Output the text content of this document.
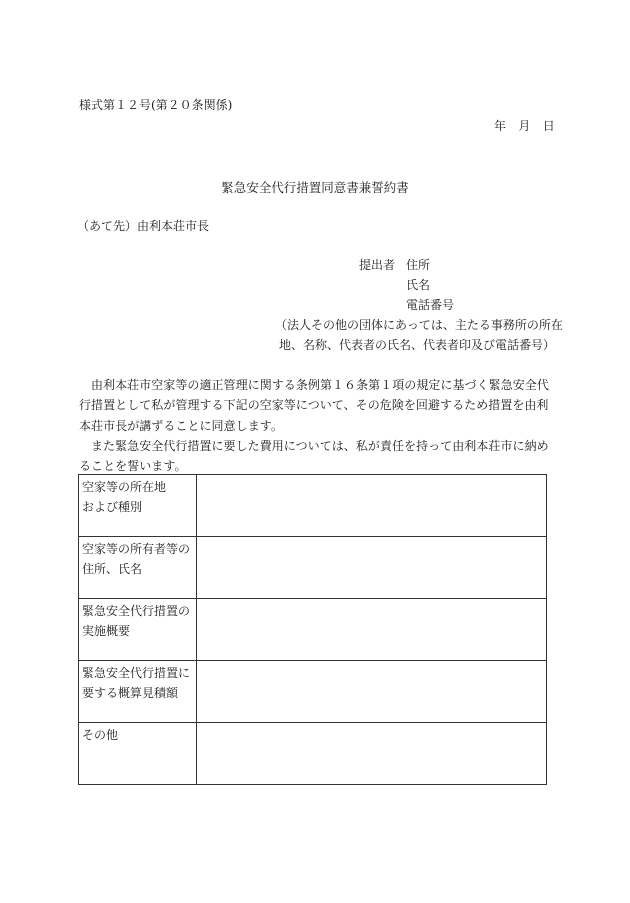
様式第１２号(第２０条関係)
年　月　日
緊急安全代行措置同意書兼誓約書
（あて先）由利本荘市長
提出者 住所
氏名
電話番号
（法人その他の団体にあっては、主たる事務所の所在
地、名称、代表者の氏名、代表者印及び電話番号）

由利本荘市空家等の適正管理に関する条例第１６条第１項の規定に基づく緊急安全代行措置として私が管理する下記の空家等について、その危険を回避するため措置を由利本荘市長が講ずることに同意します。

また緊急安全代行措置に要した費用については、私が責任を持って由利本荘市に納めることを誓います。

空家等の所在地
および種別	

空家等の所有者等の
住所、氏名	

緊急安全代行措置の
実施概要	

緊急安全代行措置に
要する概算見積額	

その他	
